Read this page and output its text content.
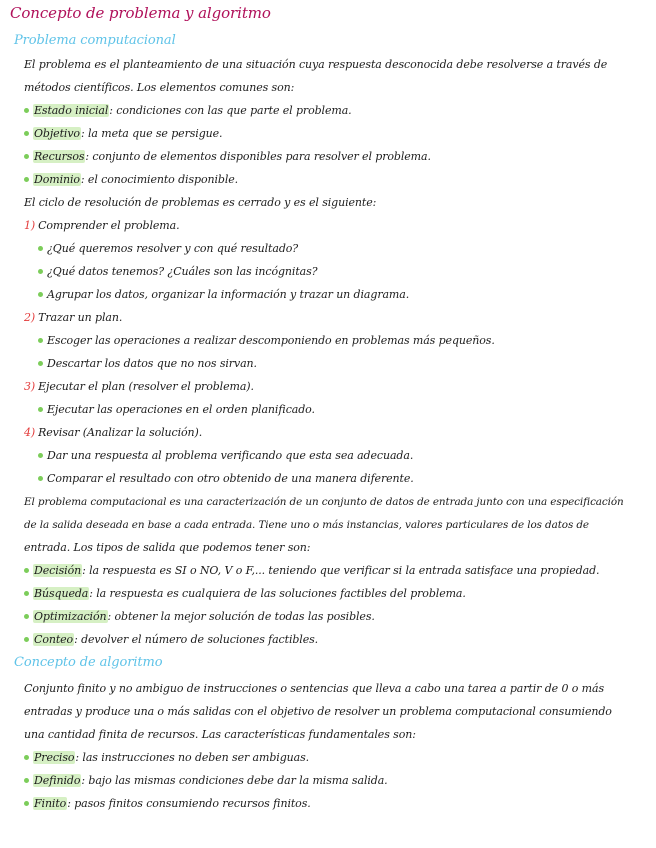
Concepto de problema y algoritmo
Problema computacional
El problema es el planteamiento de una situación cuya respuesta desconocida debe resolverse a través de
métodos científicos. Los elementos comunes son:
Estado inicial: condiciones con las que parte el problema.
Objetivo: la meta que se persigue.
Recursos: conjunto de elementos disponibles para resolver el problema.
Dominio: el conocimiento disponible.
El ciclo de resolución de problemas es cerrado y es el siguiente:
1) Comprender el problema.
¿Qué queremos resolver y con qué resultado?
¿Qué datos tenemos? ¿Cuáles son las incógnitas?
Agrupar los datos, organizar la información y trazar un diagrama.
2) Trazar un plan.
Escoger las operaciones a realizar descomponiendo en problemas más pequeños.
Descartar los datos que no nos sirvan.
3) Ejecutar el plan (resolver el problema).
Ejecutar las operaciones en el orden planificado.
4) Revisar (Analizar la solución).
Dar una respuesta al problema verificando que esta sea adecuada.
Comparar el resultado con otro obtenido de una manera diferente.
El problema computacional es una caracterización de un conjunto de datos de entrada junto con una especificación
de la salida deseada en base a cada entrada. Tiene uno o más instancias, valores particulares de los datos de
entrada. Los tipos de salida que podemos tener son:
Decisión: la respuesta es SI o NO, V o F,... teniendo que verificar si la entrada satisface una propiedad.
Búsqueda: la respuesta es cualquiera de las soluciones factibles del problema.
Optimización: obtener la mejor solución de todas las posibles.
Conteo: devolver el número de soluciones factibles.
Concepto de algoritmo
Conjunto finito y no ambiguo de instrucciones o sentencias que lleva a cabo una tarea a partir de 0 o más
entradas y produce una o más salidas con el objetivo de resolver un problema computacional consumiendo
una cantidad finita de recursos. Las características fundamentales son:
Preciso: las instrucciones no deben ser ambiguas.
Definido: bajo las mismas condiciones debe dar la misma salida.
Finito: pasos finitos consumiendo recursos finitos.
